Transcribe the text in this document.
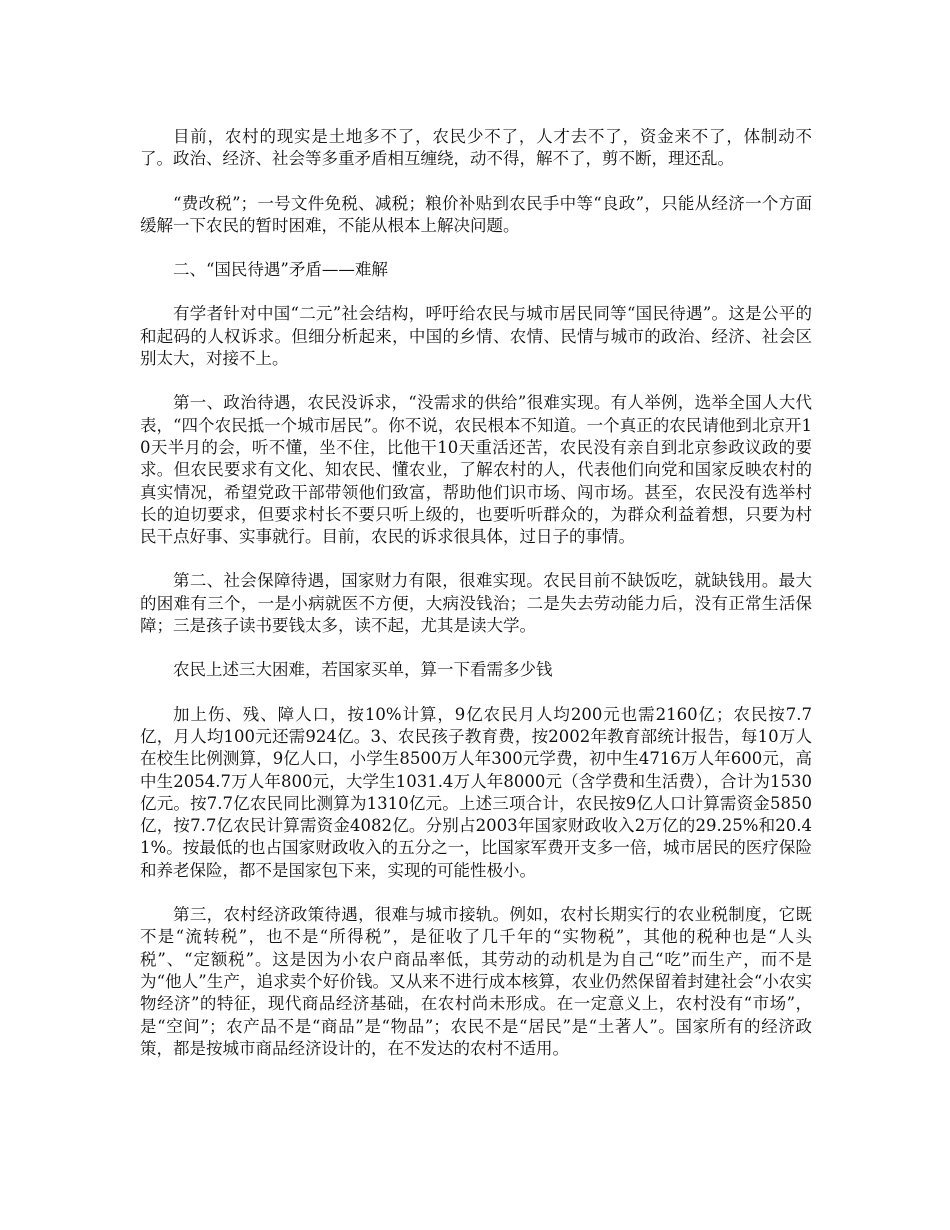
目前，农村的现实是土地多不了，农民少不了，人才去不了，资金来不了，体制动不了。政治、经济、社会等多重矛盾相互缠绕，动不得，解不了，剪不断，理还乱。

“费改税”；一号文件免税、减税；粮价补贴到农民手中等“良政”，只能从经济一个方面缓解一下农民的暂时困难，不能从根本上解决问题。

二、“国民待遇”矛盾——难解

有学者针对中国“二元”社会结构，呼吁给农民与城市居民同等“国民待遇”。这是公平的和起码的人权诉求。但细分析起来，中国的乡情、农情、民情与城市的政治、经济、社会区别太大，对接不上。

第一、政治待遇，农民没诉求，“没需求的供给”很难实现。有人举例，选举全国人大代表，“四个农民抵一个城市居民”。你不说，农民根本不知道。一个真正的农民请他到北京开10天半月的会，听不懂，坐不住，比他干10天重活还苦，农民没有亲自到北京参政议政的要求。但农民要求有文化、知农民、懂农业，了解农村的人，代表他们向党和国家反映农村的真实情况，希望党政干部带领他们致富，帮助他们识市场、闯市场。甚至，农民没有选举村长的迫切要求，但要求村长不要只听上级的，也要听听群众的，为群众利益着想，只要为村民干点好事、实事就行。目前，农民的诉求很具体，过日子的事情。

第二、社会保障待遇，国家财力有限，很难实现。农民目前不缺饭吃，就缺钱用。最大的困难有三个，一是小病就医不方便，大病没钱治；二是失去劳动能力后，没有正常生活保障；三是孩子读书要钱太多，读不起，尤其是读大学。

农民上述三大困难，若国家买单，算一下看需多少钱

加上伤、残、障人口，按10%计算，9亿农民月人均200元也需2160亿；农民按7.7亿，月人均100元还需924亿。3、农民孩子教育费，按2002年教育部统计报告，每10万人在校生比例测算，9亿人口，小学生8500万人年300元学费，初中生4716万人年600元，高中生2054.7万人年800元，大学生1031.4万人年8000元（含学费和生活费），合计为1530亿元。按7.7亿农民同比测算为1310亿元。上述三项合计，农民按9亿人口计算需资金5850亿，按7.7亿农民计算需资金4082亿。分别占2003年国家财政收入2万亿的29.25%和20.41%。按最低的也占国家财政收入的五分之一，比国家军费开支多一倍，城市居民的医疗保险和养老保险，都不是国家包下来，实现的可能性极小。

第三，农村经济政策待遇，很难与城市接轨。例如，农村长期实行的农业税制度，它既不是“流转税”，也不是“所得税”，是征收了几千年的“实物税”，其他的税种也是“人头税”、“定额税”。这是因为小农户商品率低，其劳动的动机是为自己“吃”而生产，而不是为“他人”生产，追求卖个好价钱。又从来不进行成本核算，农业仍然保留着封建社会“小农实物经济”的特征，现代商品经济基础，在农村尚未形成。在一定意义上，农村没有“市场”，是“空间”；农产品不是“商品”是“物品”；农民不是“居民”是“土著人”。国家所有的经济政策，都是按城市商品经济设计的，在不发达的农村不适用。
